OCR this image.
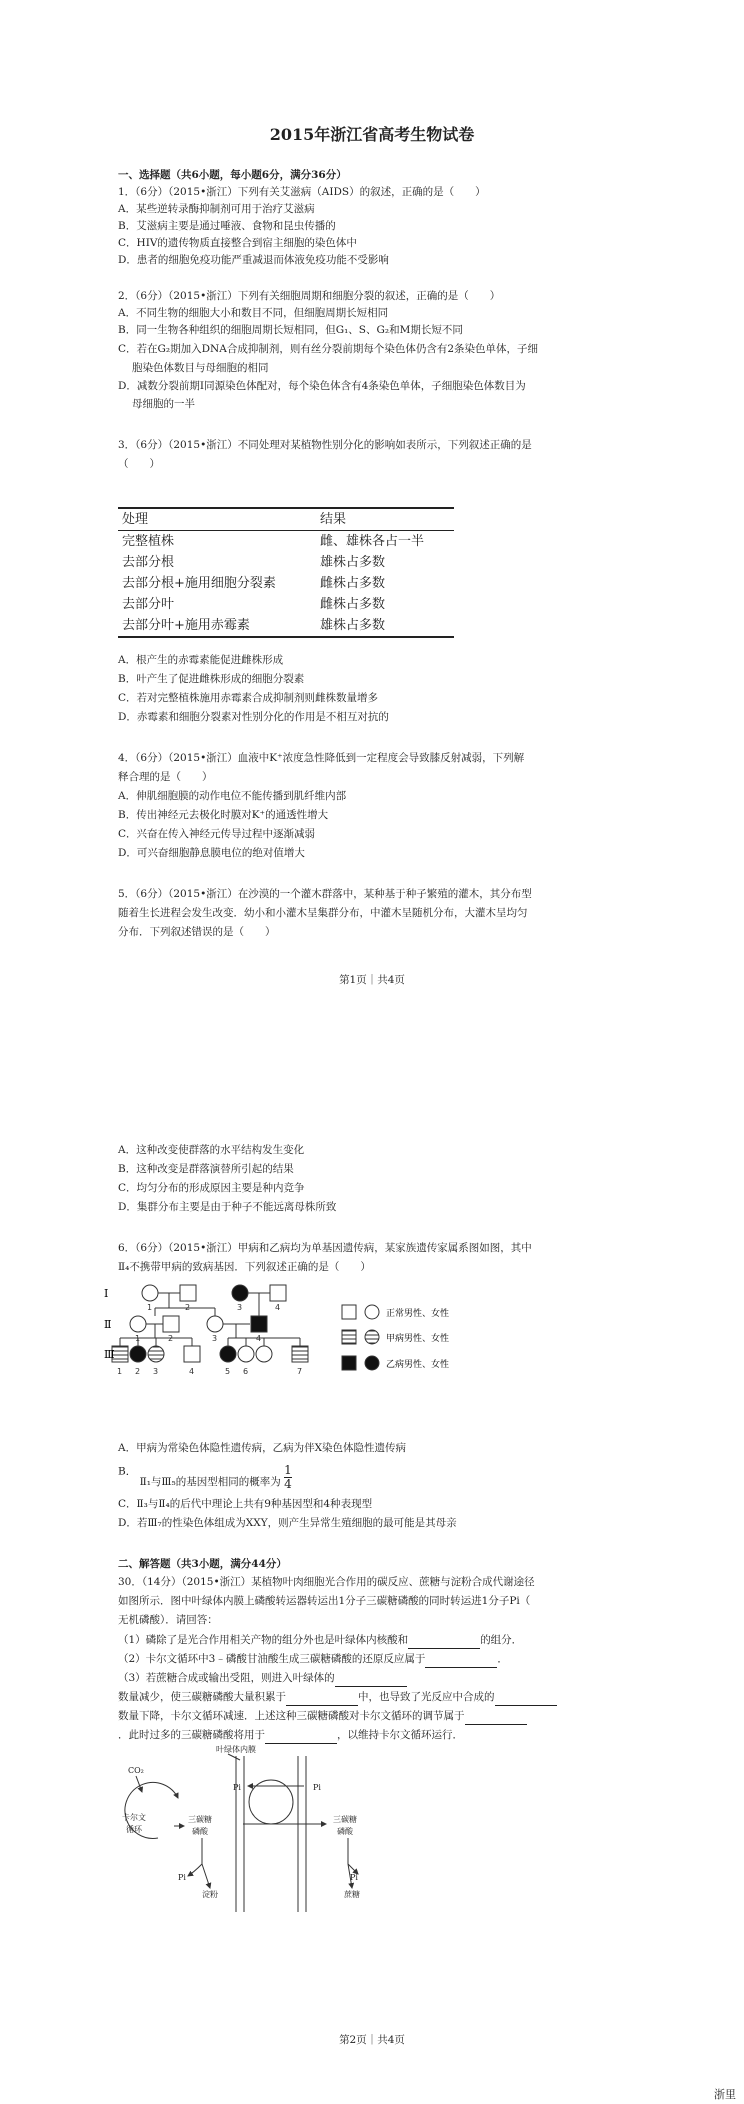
2015年浙江省高考生物试卷
一、选择题（共6小题，每小题6分，满分36分）
1．（6分）（2015•浙江）下列有关艾滋病（AIDS）的叙述，正确的是（　　）
A．某些逆转录酶抑制剂可用于治疗艾滋病
B．艾滋病主要是通过唾液、食物和昆虫传播的
C．HIV的遗传物质直接整合到宿主细胞的染色体中
D．患者的细胞免疫功能严重减退而体液免疫功能不受影响
2．（6分）（2015•浙江）下列有关细胞周期和细胞分裂的叙述，正确的是（　　）
A．不同生物的细胞大小和数目不同，但细胞周期长短相同
B．同一生物各种组织的细胞周期长短相同，但G₁、S、G₂和M期长短不同
C．若在G₂期加入DNA合成抑制剂，则有丝分裂前期每个染色体仍含有2条染色单体，子细
胞染色体数目与母细胞的相同
D．减数分裂前期Ⅰ同源染色体配对，每个染色体含有4条染色单体，子细胞染色体数目为
母细胞的一半
3．（6分）（2015•浙江）不同处理对某植物性别分化的影响如表所示，下列叙述正确的是
（　　）
处理	结果
完整植株	雌、雄株各占一半
去部分根	雄株占多数
去部分根+施用细胞分裂素	雌株占多数
去部分叶	雌株占多数
去部分叶+施用赤霉素	雄株占多数
A．根产生的赤霉素能促进雌株形成
B．叶产生了促进雌株形成的细胞分裂素
C．若对完整植株施用赤霉素合成抑制剂则雌株数量增多
D．赤霉素和细胞分裂素对性别分化的作用是不相互对抗的
4．（6分）（2015•浙江）血液中K⁺浓度急性降低到一定程度会导致膝反射减弱，下列解
释合理的是（　　）
A．伸肌细胞膜的动作电位不能传播到肌纤维内部
B．传出神经元去极化时膜对K⁺的通透性增大
C．兴奋在传入神经元传导过程中逐渐减弱
D．可兴奋细胞静息膜电位的绝对值增大
5．（6分）（2015•浙江）在沙漠的一个灌木群落中，某种基于种子繁殖的灌木，其分布型
随着生长进程会发生改变．幼小和小灌木呈集群分布，中灌木呈随机分布，大灌木呈均匀
分布．下列叙述错误的是（　　）
第1页｜共4页
A．这种改变使群落的水平结构发生变化
B．这种改变是群落演替所引起的结果
C．均匀分布的形成原因主要是种内竞争
D．集群分布主要是由于种子不能远离母株所致
6．（6分）（2015•浙江）甲病和乙病均为单基因遗传病，某家族遗传家属系图如图，其中
Ⅱ₄不携带甲病的致病基因．下列叙述正确的是（　　）
Ⅰ
Ⅱ
Ⅲ
1	2	3	4
1	2	3	4
1 2 3	4	5 6	7
正常男性、女性
甲病男性、女性
乙病男性、女性
A．甲病为常染色体隐性遗传病，乙病为伴X染色体隐性遗传病
B． Ⅱ₁与Ⅲ₅的基因型相同的概率为 $\frac{1}{4}$
C．Ⅱ₃与Ⅱ₄的后代中理论上共有9种基因型和4种表现型
D．若Ⅲ₇的性染色体组成为XXY，则产生异常生殖细胞的最可能是其母亲
二、解答题（共3小题，满分44分）
30．（14分）（2015•浙江）某植物叶肉细胞光合作用的碳反应、蔗糖与淀粉合成代谢途径
如图所示．图中叶绿体内膜上磷酸转运器转运出1分子三碳糖磷酸的同时转运进1分子Pi（
无机磷酸）．请回答：
（1）磷除了是光合作用相关产物的组分外也是叶绿体内核酸和	的组分．
（2）卡尔文循环中3﹣磷酸甘油酸生成三碳糖磷酸的还原反应属于	．
（3）若蔗糖合成或输出受阻，则进入叶绿体的
数量减少，使三碳糖磷酸大量积累于	中，也导致了光反应中合成的
数量下降，卡尔文循环减速．上述这种三碳糖磷酸对卡尔文循环的调节属于
．此时过多的三碳糖磷酸将用于	，以维持卡尔文循环运行．
叶绿体内膜
CO₂
卡尔文
循环
Pi	Pi
三碳糖
磷酸
三碳糖
磷酸
Pi	Pi
淀粉	蔗糖
第2页｜共4页
浙里
